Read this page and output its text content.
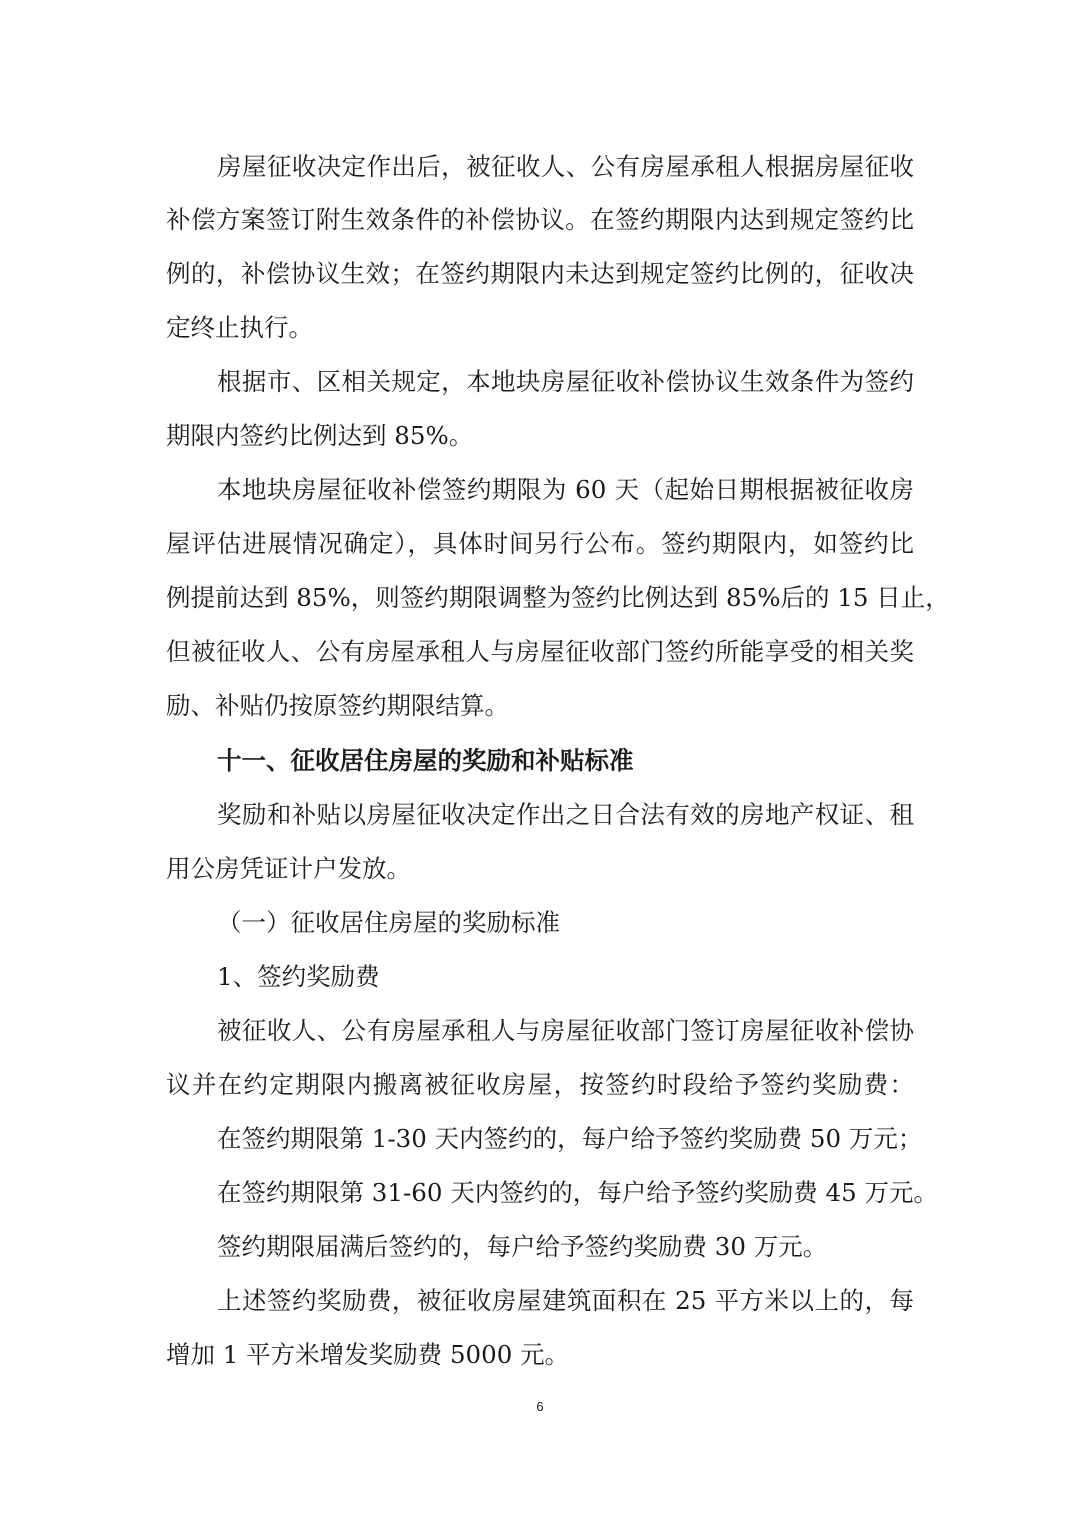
房屋征收决定作出后，被征收人、公有房屋承租人根据房屋征收
补偿方案签订附生效条件的补偿协议。在签约期限内达到规定签约比
例的，补偿协议生效；在签约期限内未达到规定签约比例的，征收决
定终止执行。
根据市、区相关规定，本地块房屋征收补偿协议生效条件为签约
期限内签约比例达到 85%。
本地块房屋征收补偿签约期限为 60 天（起始日期根据被征收房
屋评估进展情况确定），具体时间另行公布。签约期限内，如签约比
例提前达到 85%，则签约期限调整为签约比例达到 85%后的 15 日止，
但被征收人、公有房屋承租人与房屋征收部门签约所能享受的相关奖
励、补贴仍按原签约期限结算。
十一、征收居住房屋的奖励和补贴标准
奖励和补贴以房屋征收决定作出之日合法有效的房地产权证、租
用公房凭证计户发放。
（一）征收居住房屋的奖励标准
1、签约奖励费
被征收人、公有房屋承租人与房屋征收部门签订房屋征收补偿协
议并在约定期限内搬离被征收房屋，按签约时段给予签约奖励费：
在签约期限第 1-30 天内签约的，每户给予签约奖励费 50 万元；
在签约期限第 31-60 天内签约的，每户给予签约奖励费 45 万元。
签约期限届满后签约的，每户给予签约奖励费 30 万元。
上述签约奖励费，被征收房屋建筑面积在 25 平方米以上的，每
增加 1 平方米增发奖励费 5000 元。
6
